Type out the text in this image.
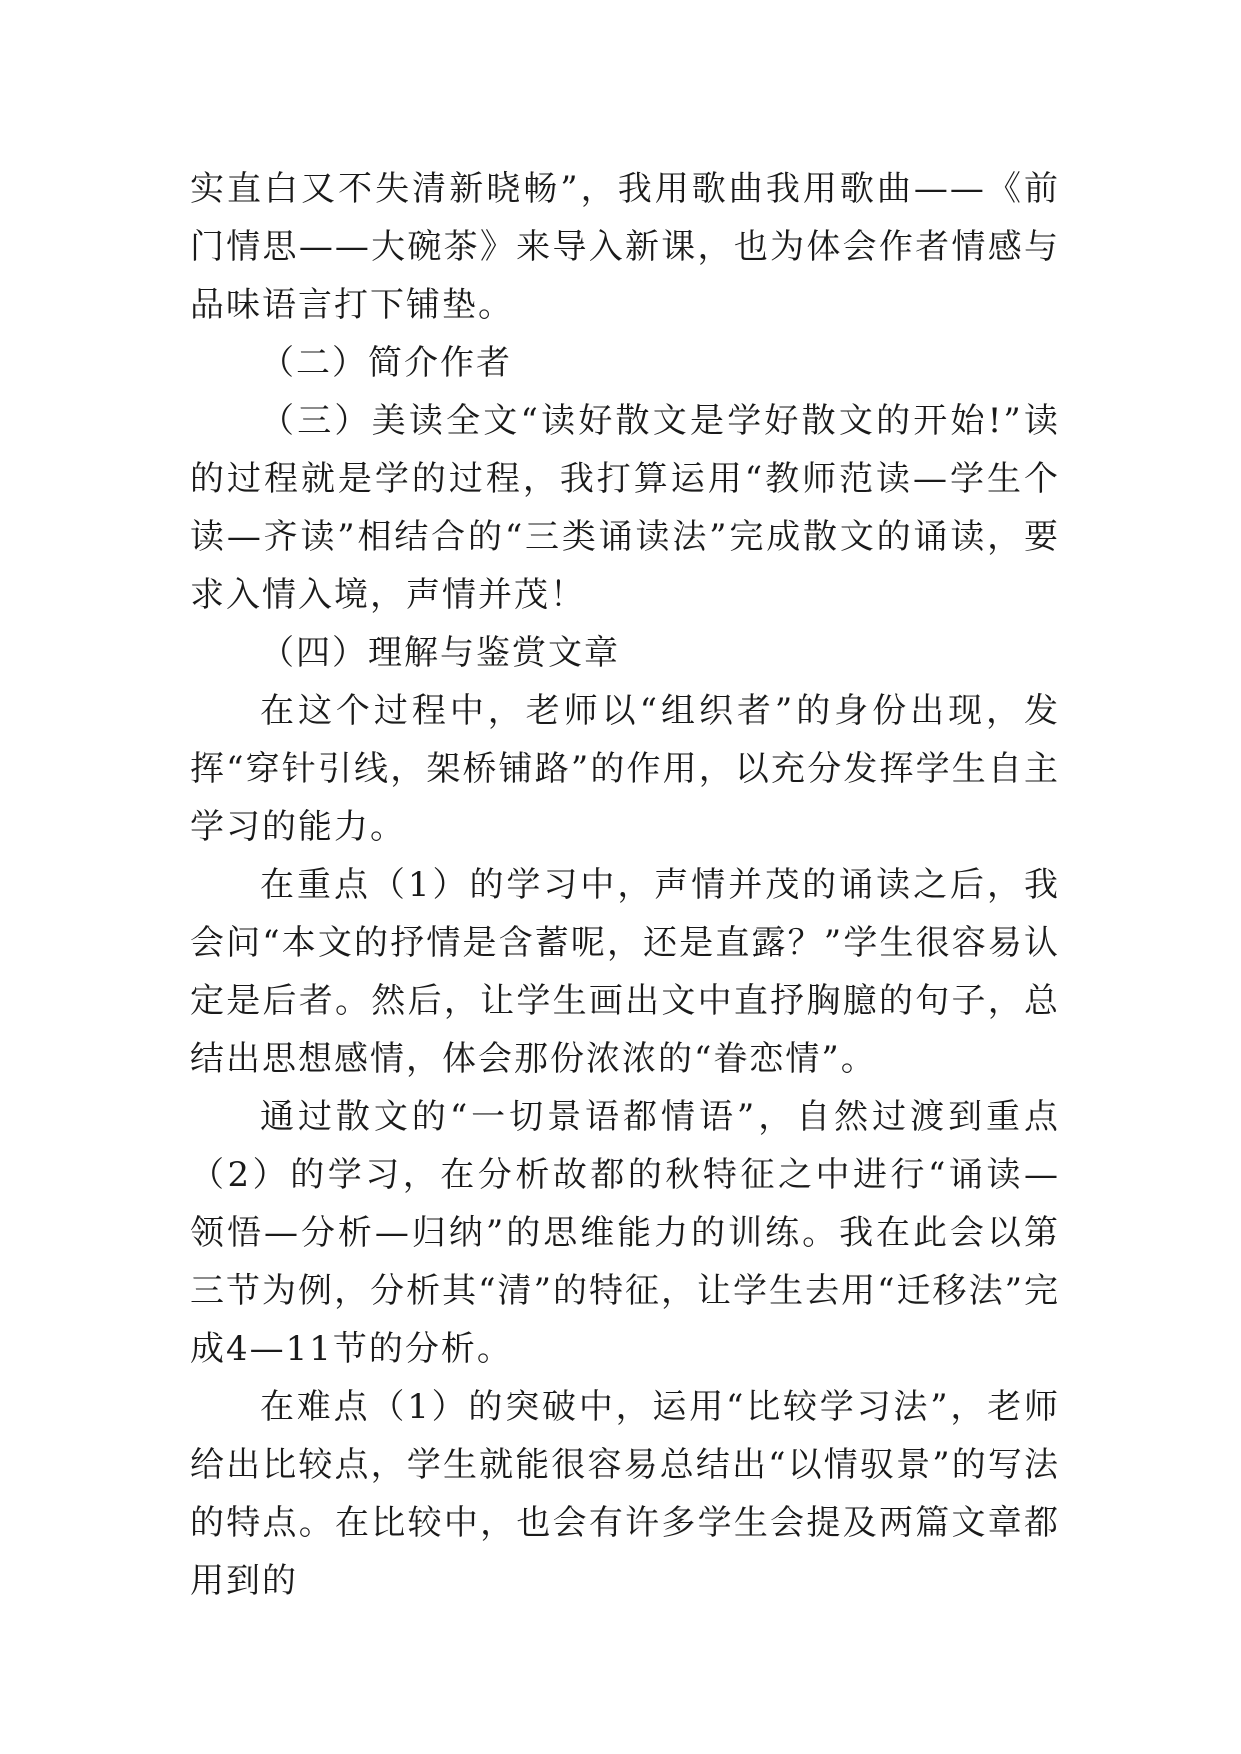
实直白又不失清新晓畅”，我用歌曲我用歌曲——《前门情思——大碗茶》来导入新课，也为体会作者情感与品味语言打下铺垫。

（二）简介作者

（三）美读全文“读好散文是学好散文的开始!”读的过程就是学的过程，我打算运用“教师范读—学生个读—齐读”相结合的“三类诵读法”完成散文的诵读，要求入情入境，声情并茂！

（四）理解与鉴赏文章

在这个过程中，老师以“组织者”的身份出现，发挥“穿针引线，架桥铺路”的作用，以充分发挥学生自主学习的能力。

在重点（1）的学习中，声情并茂的诵读之后，我会问“本文的抒情是含蓄呢，还是直露？”学生很容易认定是后者。然后，让学生画出文中直抒胸臆的句子，总结出思想感情，体会那份浓浓的“眷恋情”。

通过散文的“一切景语都情语”，自然过渡到重点（2）的学习，在分析故都的秋特征之中进行“诵读—领悟—分析—归纳”的思维能力的训练。我在此会以第三节为例，分析其“清”的特征，让学生去用“迁移法”完成4—11节的分析。

在难点（1）的突破中，运用“比较学习法”，老师给出比较点，学生就能很容易总结出“以情驭景”的写法的特点。在比较中，也会有许多学生会提及两篇文章都用到的
